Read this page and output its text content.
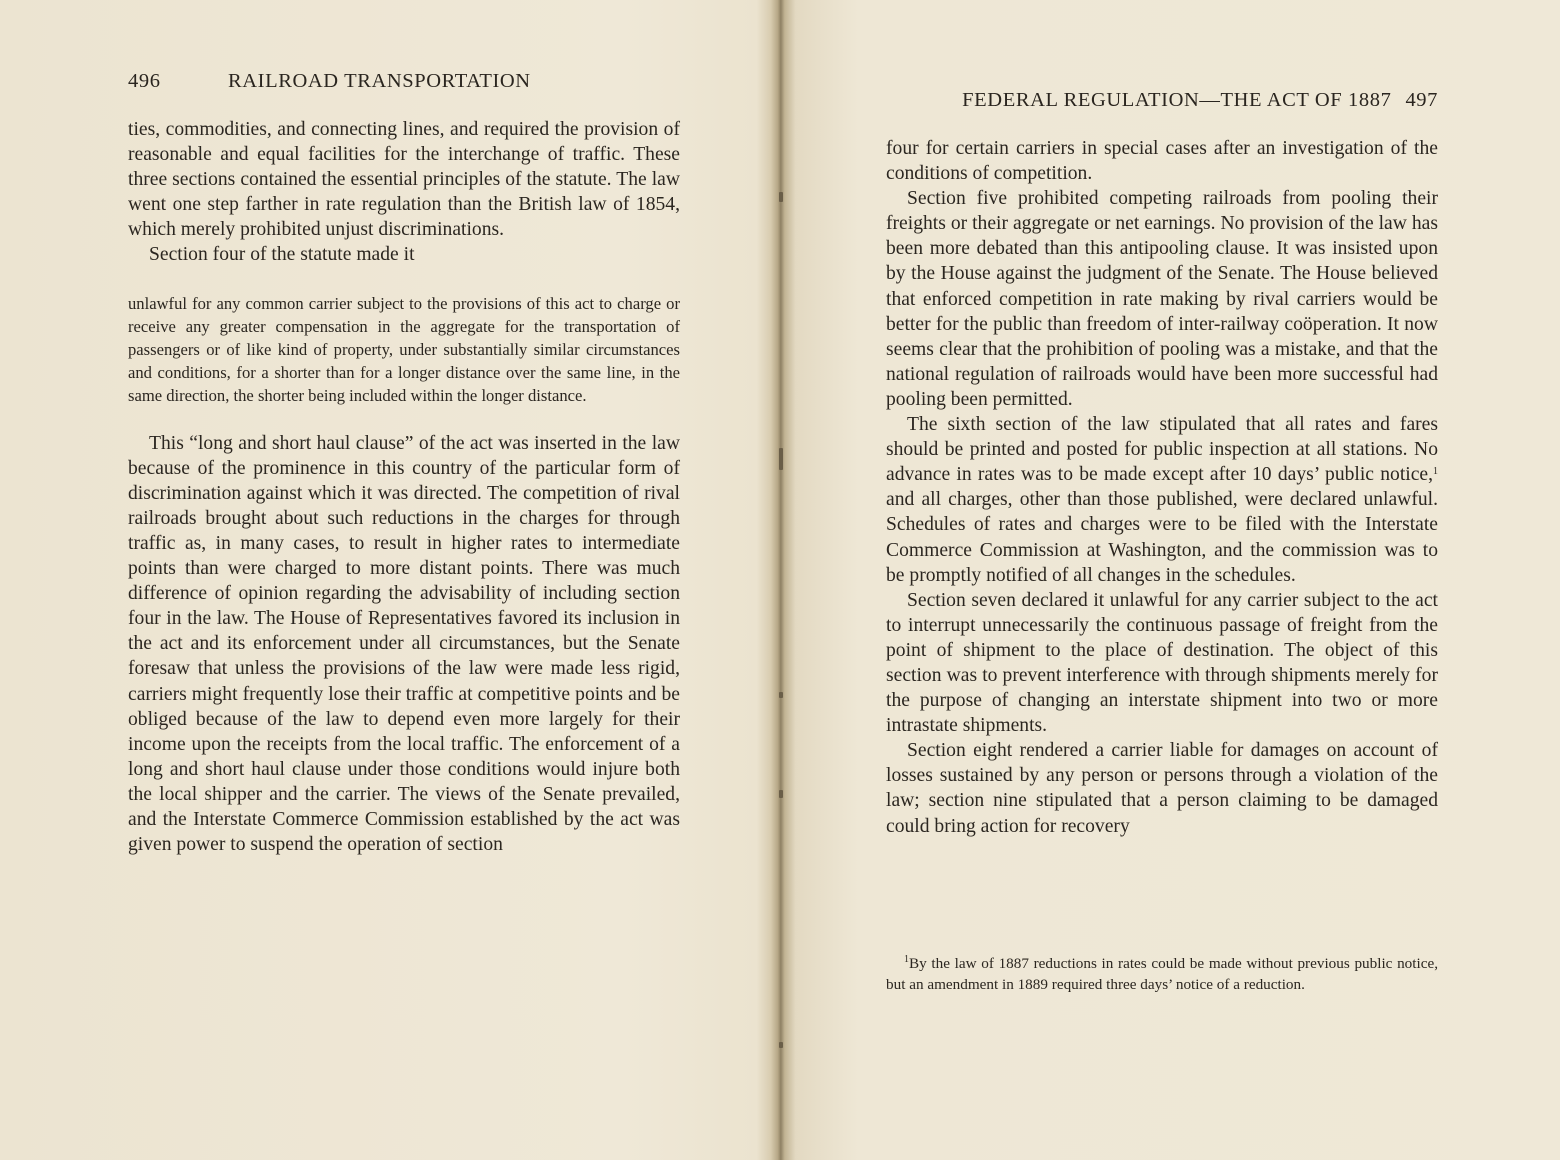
496	RAILROAD TRANSPORTATION

ties, commodities, and connecting lines, and required the provision of reasonable and equal facilities for the interchange of traffic. These three sections contained the essential principles of the statute. The law went one step farther in rate regulation than the British law of 1854, which merely prohibited unjust discriminations.

Section four of the statute made it

unlawful for any common carrier subject to the provisions of this act to charge or receive any greater compensation in the aggregate for the transportation of passengers or of like kind of property, under substantially similar circumstances and conditions, for a shorter than for a longer distance over the same line, in the same direction, the shorter being included within the longer distance.

This “long and short haul clause” of the act was inserted in the law because of the prominence in this country of the particular form of discrimination against which it was directed. The competition of rival railroads brought about such reductions in the charges for through traffic as, in many cases, to result in higher rates to intermediate points than were charged to more distant points. There was much difference of opinion regarding the advisability of including section four in the law. The House of Representatives favored its inclusion in the act and its enforcement under all circumstances, but the Senate foresaw that unless the provisions of the law were made less rigid, carriers might frequently lose their traffic at competitive points and be obliged because of the law to depend even more largely for their income upon the receipts from the local traffic. The enforcement of a long and short haul clause under those conditions would injure both the local shipper and the carrier. The views of the Senate prevailed, and the Interstate Commerce Commission established by the act was given power to suspend the operation of section

FEDERAL REGULATION—THE ACT OF 1887 497

four for certain carriers in special cases after an investigation of the conditions of competition.

Section five prohibited competing railroads from pooling their freights or their aggregate or net earnings. No provision of the law has been more debated than this antipooling clause. It was insisted upon by the House against the judgment of the Senate. The House believed that enforced competition in rate making by rival carriers would be better for the public than freedom of inter-railway coöperation. It now seems clear that the prohibition of pooling was a mistake, and that the national regulation of railroads would have been more successful had pooling been permitted.

The sixth section of the law stipulated that all rates and fares should be printed and posted for public inspection at all stations. No advance in rates was to be made except after 10 days’ public notice,$^1$ and all charges, other than those published, were declared unlawful. Schedules of rates and charges were to be filed with the Interstate Commerce Commission at Washington, and the commission was to be promptly notified of all changes in the schedules.

Section seven declared it unlawful for any carrier subject to the act to interrupt unnecessarily the continuous passage of freight from the point of shipment to the place of destination. The object of this section was to prevent interference with through shipments merely for the purpose of changing an interstate shipment into two or more intrastate shipments.

Section eight rendered a carrier liable for damages on account of losses sustained by any person or persons through a violation of the law; section nine stipulated that a person claiming to be damaged could bring action for recovery

$^1$By the law of 1887 reductions in rates could be made without previous public notice, but an amendment in 1889 required three days’ notice of a reduction.
